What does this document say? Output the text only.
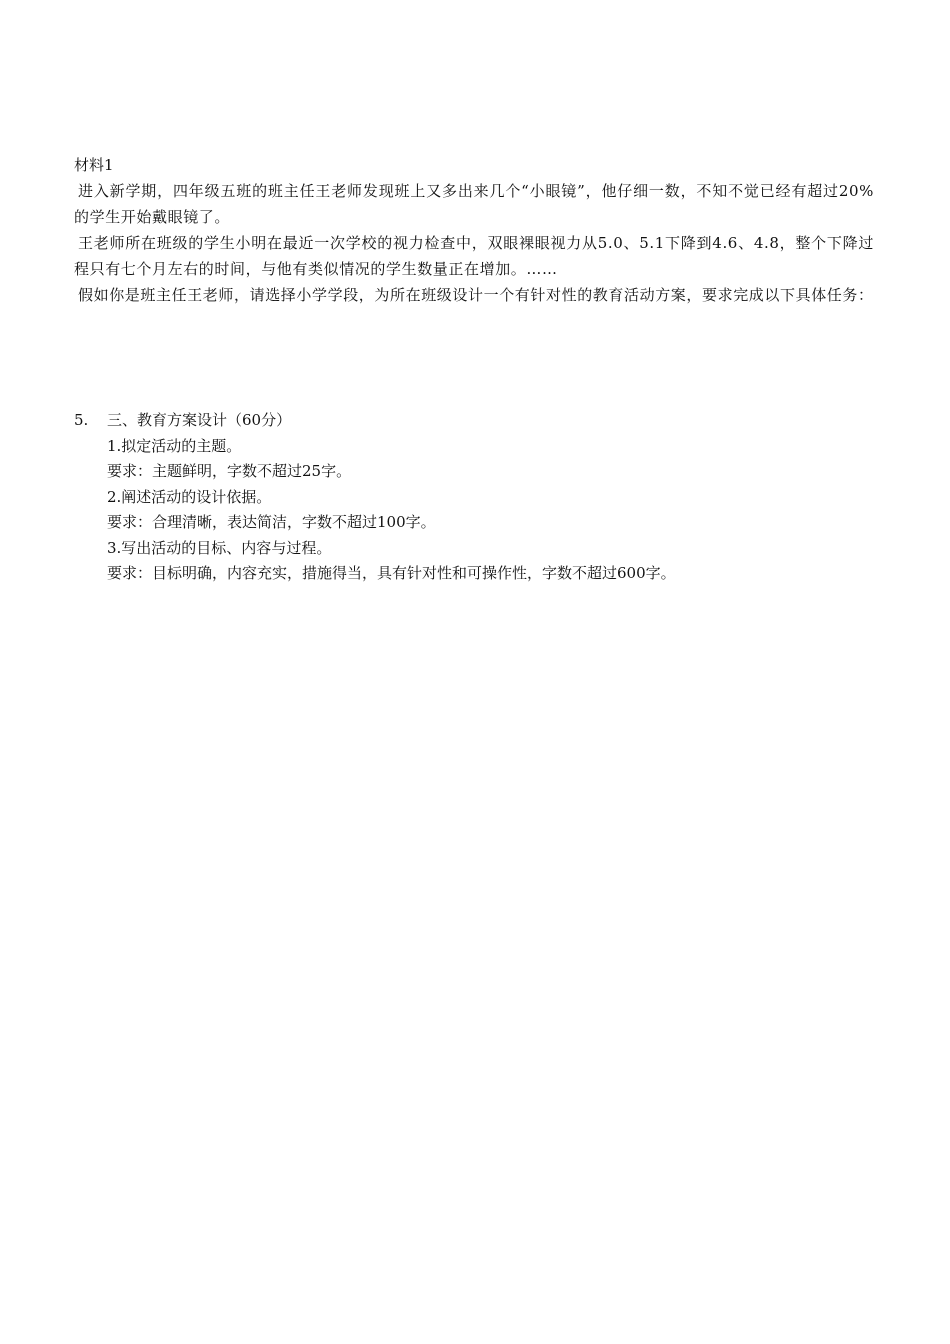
材料1

进入新学期，四年级五班的班主任王老师发现班上又多出来几个“小眼镜”，他仔细一数，不知不觉已经有超过20%的学生开始戴眼镜了。

王老师所在班级的学生小明在最近一次学校的视力检查中，双眼裸眼视力从5.0、5.1下降到4.6、4.8，整个下降过程只有七个月左右的时间，与他有类似情况的学生数量正在增加。……

假如你是班主任王老师，请选择小学学段，为所在班级设计一个有针对性的教育活动方案，要求完成以下具体任务：

5.	三、教育方案设计（60分）
1.拟定活动的主题。
要求：主题鲜明，字数不超过25字。
2.阐述活动的设计依据。
要求：合理清晰，表达简洁，字数不超过100字。
3.写出活动的目标、内容与过程。
要求：目标明确，内容充实，措施得当，具有针对性和可操作性，字数不超过600字。
